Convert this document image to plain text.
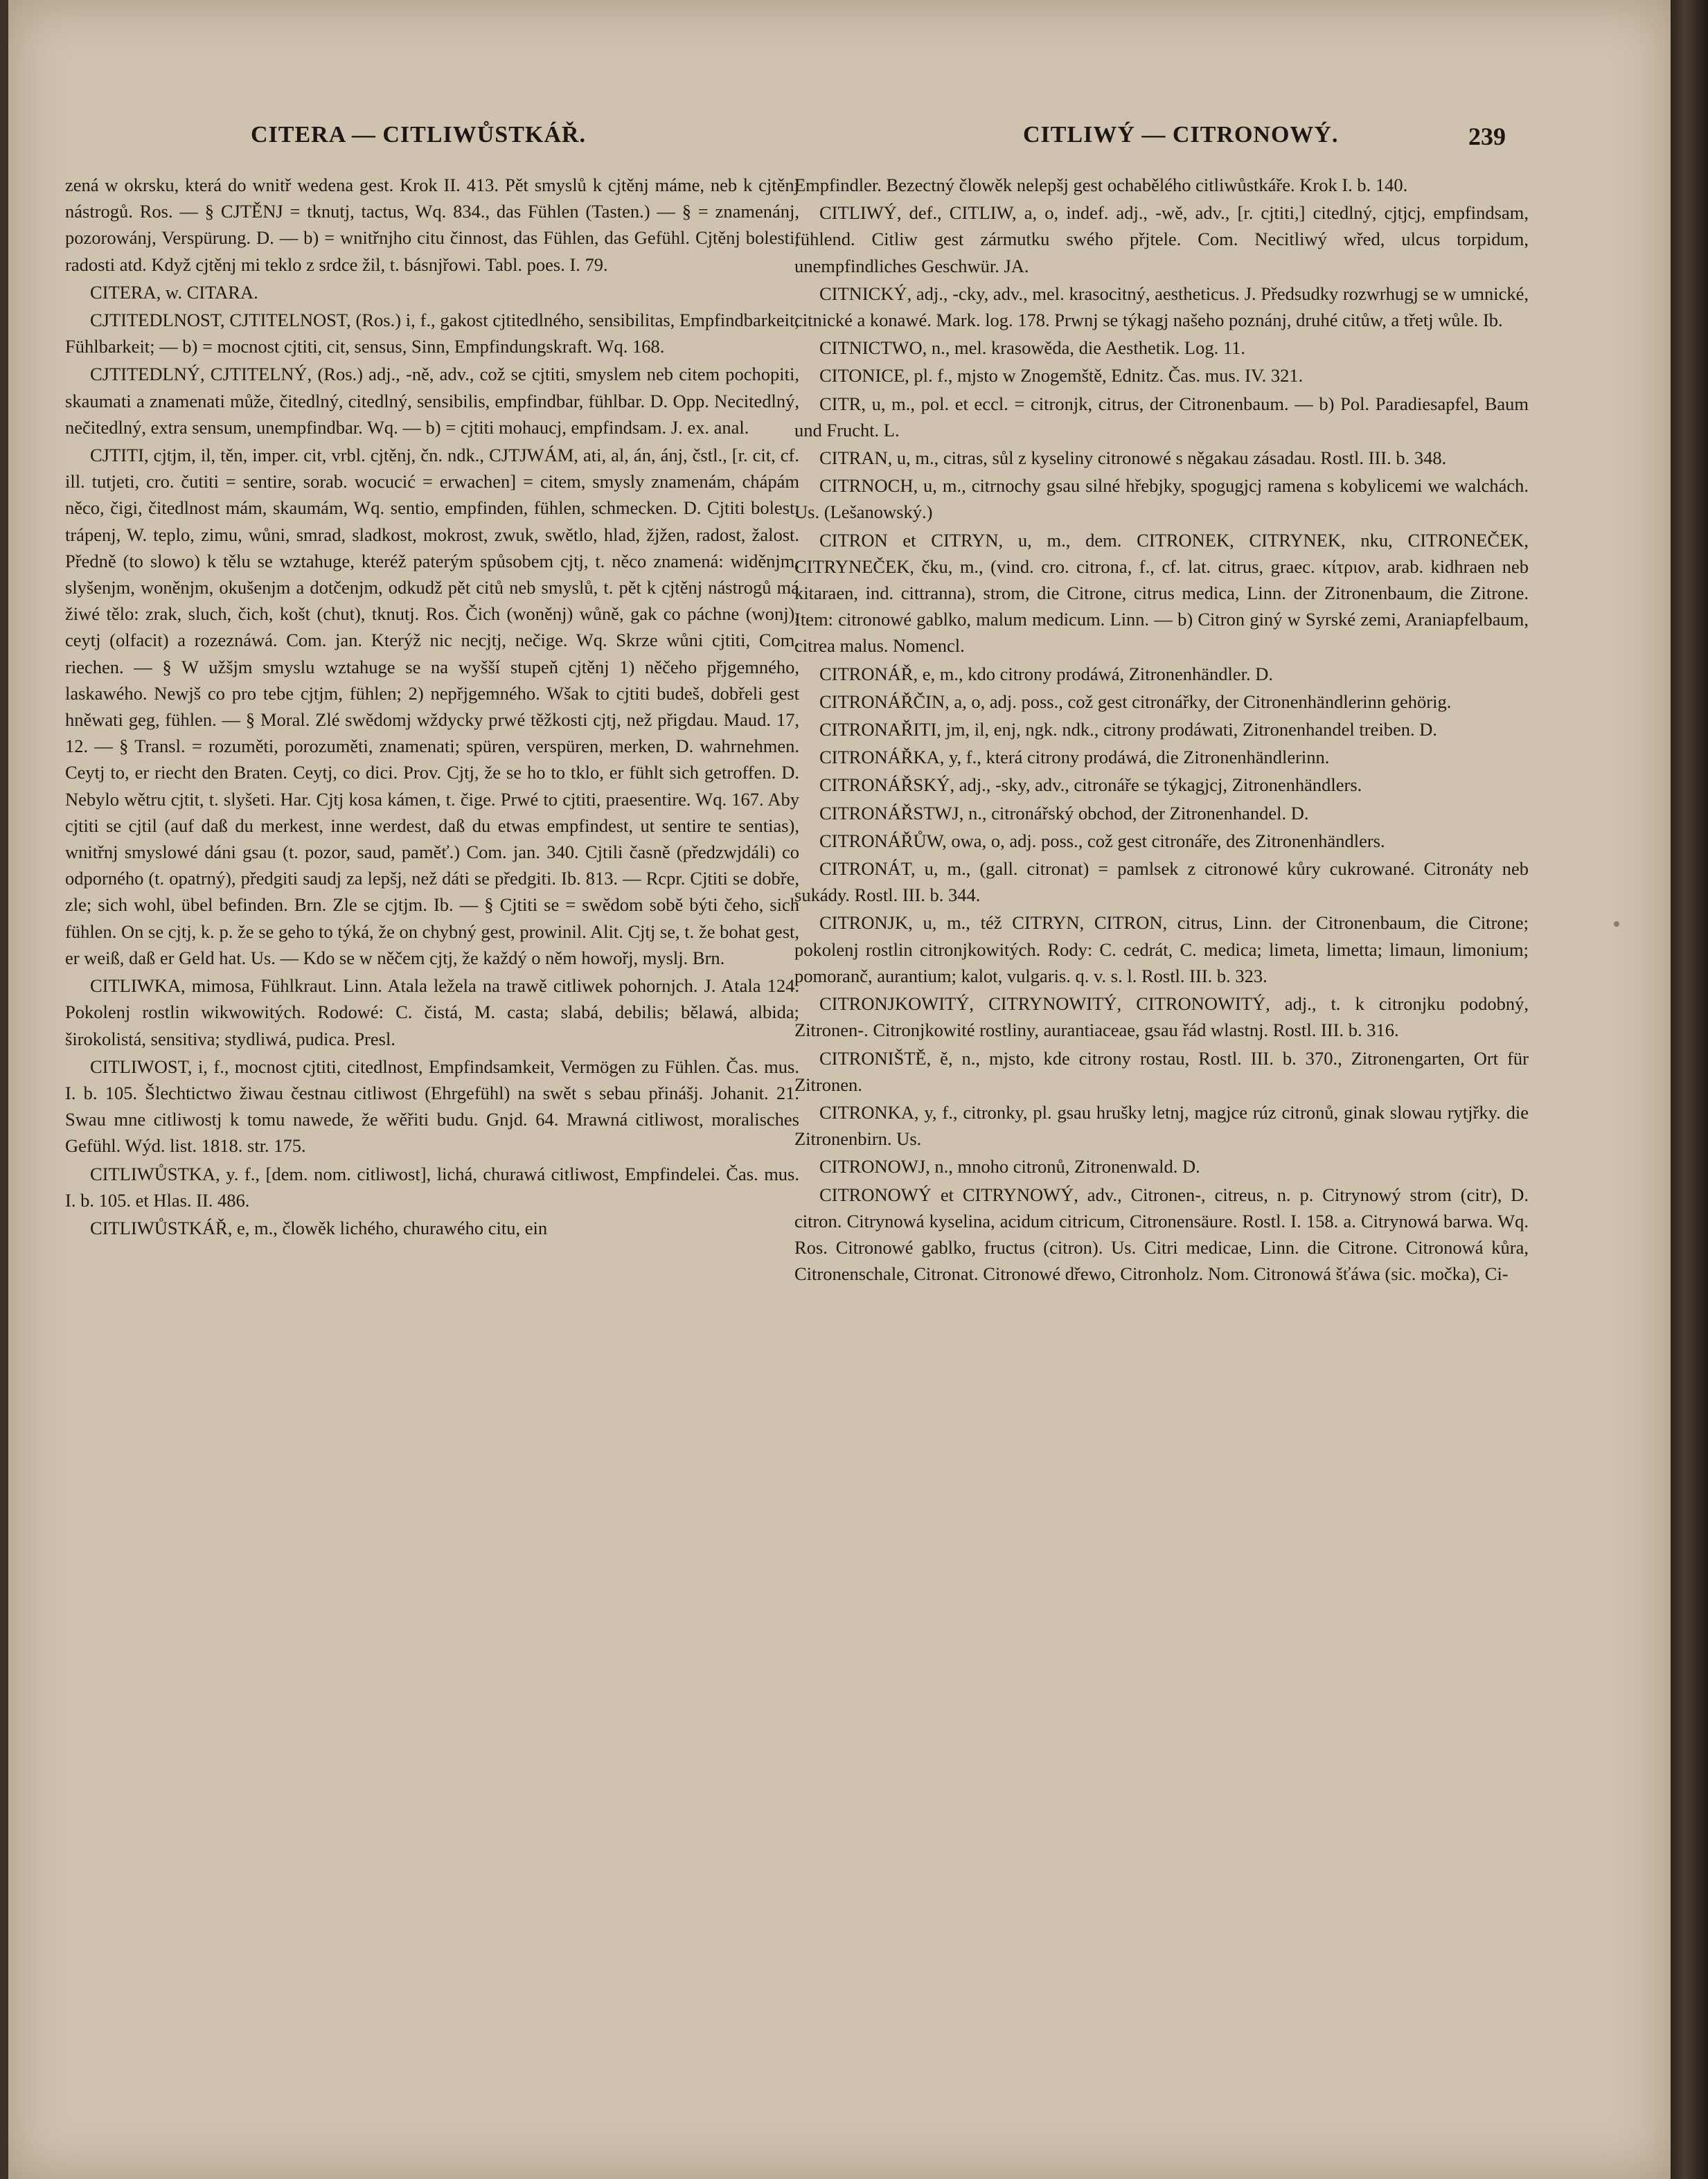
CITERA — CITLIWŮSTKÁŘ.	CITLIWÝ — CITRONOWÝ.	239

zená w okrsku, která do wnitř wedena gest. Krok II. 413. Pět smyslů k cjtěnj máme, neb k cjtěnj nástrogů. Ros. — § CJTĚNJ = tknutj, tactus, Wq. 834., das Fühlen (Tasten.) — § = znamenánj, pozorowánj, Verspürung. D. — b) = wnitřnjho citu činnost, das Fühlen, das Gefühl. Cjtěnj bolesti, radosti atd. Když cjtěnj mi teklo z srdce žil, t. básnjřowi. Tabl. poes. I. 79.

CITERA, w. CITARA.

CJTITEDLNOST, CJTITELNOST, (Ros.) i, f., gakost cjtitedlného, sensibilitas, Empfindbarkeit, Fühlbarkeit; — b) = mocnost cjtiti, cit, sensus, Sinn, Empfindungskraft. Wq. 168.

CJTITEDLNÝ, CJTITELNÝ, (Ros.) adj., -ně, adv., což se cjtiti, smyslem neb citem pochopiti, skaumati a znamenati může, čitedlný, citedlný, sensibilis, empfindbar, fühlbar. D. Opp. Necitedlný, nečitedlný, extra sensum, unempfindbar. Wq. — b) = cjtiti mohaucj, empfindsam. J. ex. anal.

CJTITI, cjtjm, il, těn, imper. cit, vrbl. cjtěnj, čn. ndk., CJTJWÁM, ati, al, án, ánj, čstl., [r. cit, cf. ill. tutjeti, cro. čutiti = sentire, sorab. wocucić = erwachen] = citem, smysly znamenám, chápám něco, čigi, čitedlnost mám, skaumám, Wq. sentio, empfinden, fühlen, schmecken. D. Cjtiti bolest, trápenj, W. teplo, zimu, wůni, smrad, sladkost, mokrost, zwuk, swětlo, hlad, žjžen, radost, žalost. Předně (to slowo) k tělu se wztahuge, kteréž paterým spůsobem cjtj, t. něco znamená: widěnjm, slyšenjm, woněnjm, okušenjm a dotčenjm, odkudž pět citů neb smyslů, t. pět k cjtěnj nástrogů má žiwé tělo: zrak, sluch, čich, košt (chut), tknutj. Ros. Čich (woněnj) wůně, gak co páchne (wonj), ceytj (olfacit) a rozeznáwá. Com. jan. Kterýž nic necjtj, nečige. Wq. Skrze wůni cjtiti, Com. riechen. — § W užšjm smyslu wztahuge se na wyšší stupeň cjtěnj 1) něčeho přjgemného, laskawého. Newjš co pro tebe cjtjm, fühlen; 2) nepřjgemného. Wšak to cjtiti budeš, dobřeli gest hněwati geg, fühlen. — § Moral. Zlé swědomj wždycky prwé těžkosti cjtj, než přigdau. Maud. 17, 12. — § Transl. = rozuměti, porozuměti, znamenati; spüren, verspüren, merken, D. wahrnehmen. Ceytj to, er riecht den Braten. Ceytj, co dici. Prov. Cjtj, že se ho to tklo, er fühlt sich getroffen. D. Nebylo wětru cjtit, t. slyšeti. Har. Cjtj kosa kámen, t. čige. Prwé to cjtiti, praesentire. Wq. 167. Aby cjtiti se cjtil (auf daß du merkest, inne werdest, daß du etwas empfindest, ut sentire te sentias), wnitřnj smyslowé dáni gsau (t. pozor, saud, paměť.) Com. jan. 340. Cjtili časně (předzwjdáli) co odporného (t. opatrný), předgiti saudj za lepšj, než dáti se předgiti. Ib. 813. — Rcpr. Cjtiti se dobře, zle; sich wohl, übel befinden. Brn. Zle se cjtjm. Ib. — § Cjtiti se = swědom sobě býti čeho, sich fühlen. On se cjtj, k. p. že se geho to týká, že on chybný gest, prowinil. Alit. Cjtj se, t. že bohat gest, er weiß, daß er Geld hat. Us. — Kdo se w něčem cjtj, že každý o něm howořj, myslj. Brn.

CITLIWKA, mimosa, Fühlkraut. Linn. Atala ležela na trawě citliwek pohornjch. J. Atala 124. Pokolenj rostlin wikwowitých. Rodowé: C. čistá, M. casta; slabá, debilis; bělawá, albida; širokolistá, sensitiva; stydliwá, pudica. Presl.

CITLIWOST, i, f., mocnost cjtiti, citedlnost, Empfindsamkeit, Vermögen zu Fühlen. Čas. mus. I. b. 105. Šlechtictwo žiwau čestnau citliwost (Ehrgefühl) na swět s sebau přinášj. Johanit. 21. Swau mne citliwostj k tomu nawede, že wěřiti budu. Gnjd. 64. Mrawná citliwost, moralisches Gefühl. Wýd. list. 1818. str. 175.

CITLIWŮSTKA, y. f., [dem. nom. citliwost], lichá, churawá citliwost, Empfindelei. Čas. mus. I. b. 105. et Hlas. II. 486.

CITLIWŮSTKÁŘ, e, m., člowěk lichého, churawého citu, ein

Empfindler. Bezectný člowěk nelepšj gest ochabělého citliwůstkáře. Krok I. b. 140.

CITLIWÝ, def., CITLIW, a, o, indef. adj., -wě, adv., [r. cjtiti,] citedlný, cjtjcj, empfindsam, fühlend. Citliw gest zármutku swého přjtele. Com. Necitliwý wřed, ulcus torpidum, unempfindliches Geschwür. JA.

CITNICKÝ, adj., -cky, adv., mel. krasocitný, aestheticus. J. Předsudky rozwrhugj se w umnické, citnické a konawé. Mark. log. 178. Prwnj se týkagj našeho poznánj, druhé citůw, a třetj wůle. Ib.

CITNICTWO, n., mel. krasowěda, die Aesthetik. Log. 11.

CITONICE, pl. f., mjsto w Znogemště, Ednitz. Čas. mus. IV. 321.

CITR, u, m., pol. et eccl. = citronjk, citrus, der Citronenbaum. — b) Pol. Paradiesapfel, Baum und Frucht. L.

CITRAN, u, m., citras, sůl z kyseliny citronowé s něgakau zásadau. Rostl. III. b. 348.

CITRNOCH, u, m., citrnochy gsau silné hřebjky, spogugjcj ramena s kobylicemi we walchách. Us. (Lešanowský.)

CITRON et CITRYN, u, m., dem. CITRONEK, CITRYNEK, nku, CITRONEČEK, CITRYNEČEK, čku, m., (vind. cro. citrona, f., cf. lat. citrus, graec. κίτριον, arab. kidhraen neb kitaraen, ind. cittranna), strom, die Citrone, citrus medica, Linn. der Zitronenbaum, die Zitrone. Item: citronowé gablko, malum medicum. Linn. — b) Citron giný w Syrské zemi, Araniapfelbaum, citrea malus. Nomencl.

CITRONÁŘ, e, m., kdo citrony prodáwá, Zitronenhändler. D.

CITRONÁŘČIN, a, o, adj. poss., což gest citronářky, der Citronenhändlerinn gehörig.

CITRONAŘITI, jm, il, enj, ngk. ndk., citrony prodáwati, Zitronenhandel treiben. D.

CITRONÁŘKA, y, f., která citrony prodáwá, die Zitronenhändlerinn.

CITRONÁŘSKÝ, adj., -sky, adv., citronáře se týkagjcj, Zitronenhändlers.

CITRONÁŘSTWJ, n., citronářský obchod, der Zitronenhandel. D.

CITRONÁŘŮW, owa, o, adj. poss., což gest citronáře, des Zitronenhändlers.

CITRONÁT, u, m., (gall. citronat) = pamlsek z citronowé kůry cukrowané. Citronáty neb sukády. Rostl. III. b. 344.

CITRONJK, u, m., též CITRYN, CITRON, citrus, Linn. der Citronenbaum, die Citrone; pokolenj rostlin citronjkowitých. Rody: C. cedrát, C. medica; limeta, limetta; limaun, limonium; pomoranč, aurantium; kalot, vulgaris. q. v. s. l. Rostl. III. b. 323.

CITRONJKOWITÝ, CITRYNOWITÝ, CITRONOWITÝ, adj., t. k citronjku podobný, Zitronen-. Citronjkowité rostliny, aurantiaceae, gsau řád wlastnj. Rostl. III. b. 316.

CITRONIŠTĚ, ě, n., mjsto, kde citrony rostau, Rostl. III. b. 370., Zitronengarten, Ort für Zitronen.

CITRONKA, y, f., citronky, pl. gsau hrušky letnj, magjce rúz citronů, ginak slowau rytjřky. die Zitronenbirn. Us.

CITRONOWJ, n., mnoho citronů, Zitronenwald. D.

CITRONOWÝ et CITRYNOWÝ, adv., Citronen-, citreus, n. p. Citrynowý strom (citr), D. citron. Citrynowá kyselina, acidum citricum, Citronensäure. Rostl. I. 158. a. Citrynowá barwa. Wq. Ros. Citronowé gablko, fructus (citron). Us. Citri medicae, Linn. die Citrone. Citronowá kůra, Citronenschale, Citronat. Citronowé dřewo, Citronholz. Nom. Citronowá šťáwa (sic. močka), Ci-
